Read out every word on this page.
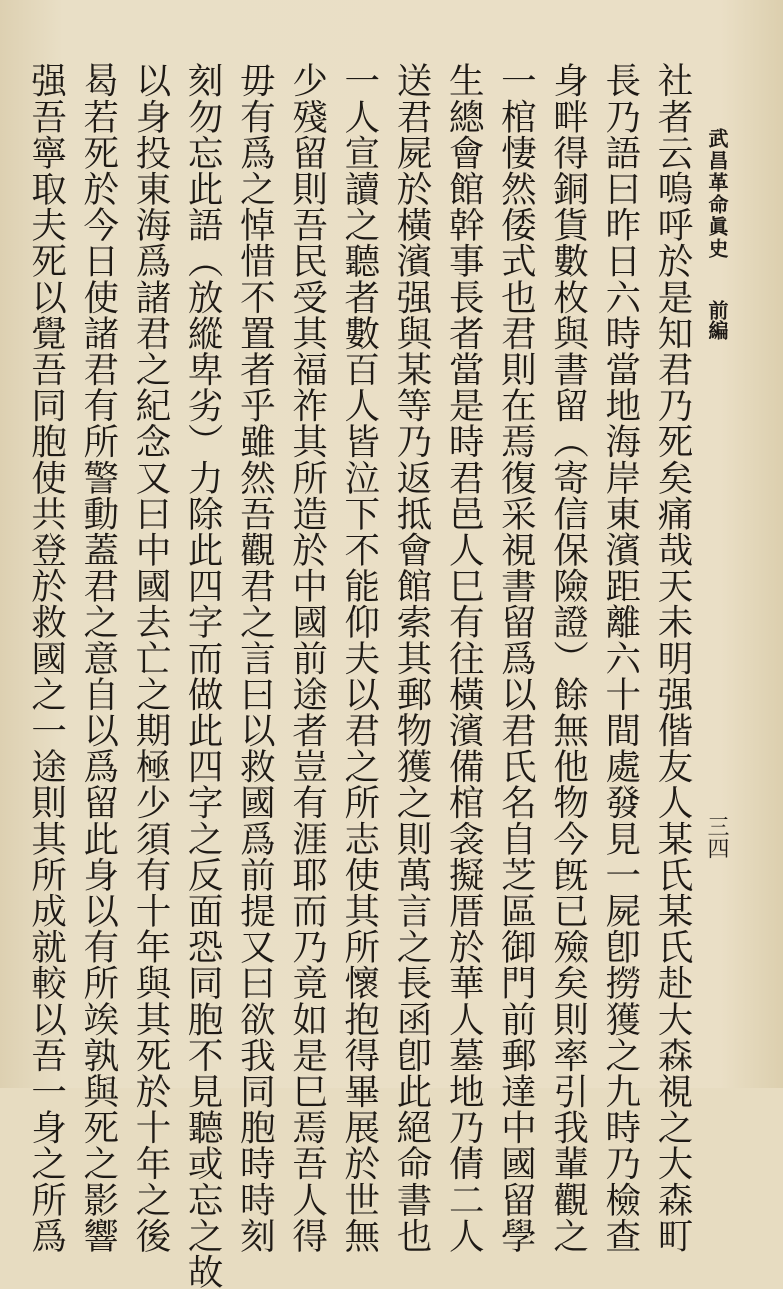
武昌革命眞史
前編
三四
社者云嗚呼於是知君乃死矣痛哉天未明强偕友人某氏某氏赴大森視之大森町
長乃語曰昨日六時當地海岸東濱距離六十間處發見一屍卽撈獲之九時乃檢查
身畔得銅貨數枚與書留（寄信保險證）餘無他物今旣已殮矣則率引我輩觀之
一棺悽然倭式也君則在焉復采視書留爲以君氏名自芝區御門前郵達中國留學
生總會館幹事長者當是時君邑人巳有往橫濱備棺衾擬厝於華人墓地乃倩二人
送君屍於橫濱强與某等乃返抵會館索其郵物獲之則萬言之長函卽此絕命書也
一人宣讀之聽者數百人皆泣下不能仰夫以君之所志使其所懷抱得畢展於世無
少殘留則吾民受其福祚其所造於中國前途者豈有涯耶而乃竟如是巳焉吾人得
毋有爲之悼惜不置者乎雖然吾觀君之言曰以救國爲前提又曰欲我同胞時時刻
刻勿忘此語（放縱卑劣）力除此四字而做此四字之反面恐同胞不見聽或忘之故
以身投東海爲諸君之紀念又曰中國去亡之期極少須有十年與其死於十年之後
曷若死於今日使諸君有所警動蓋君之意自以爲留此身以有所竢孰與死之影響
强吾寧取夫死以覺吾同胞使共登於救國之一途則其所成就較以吾一身之所爲
